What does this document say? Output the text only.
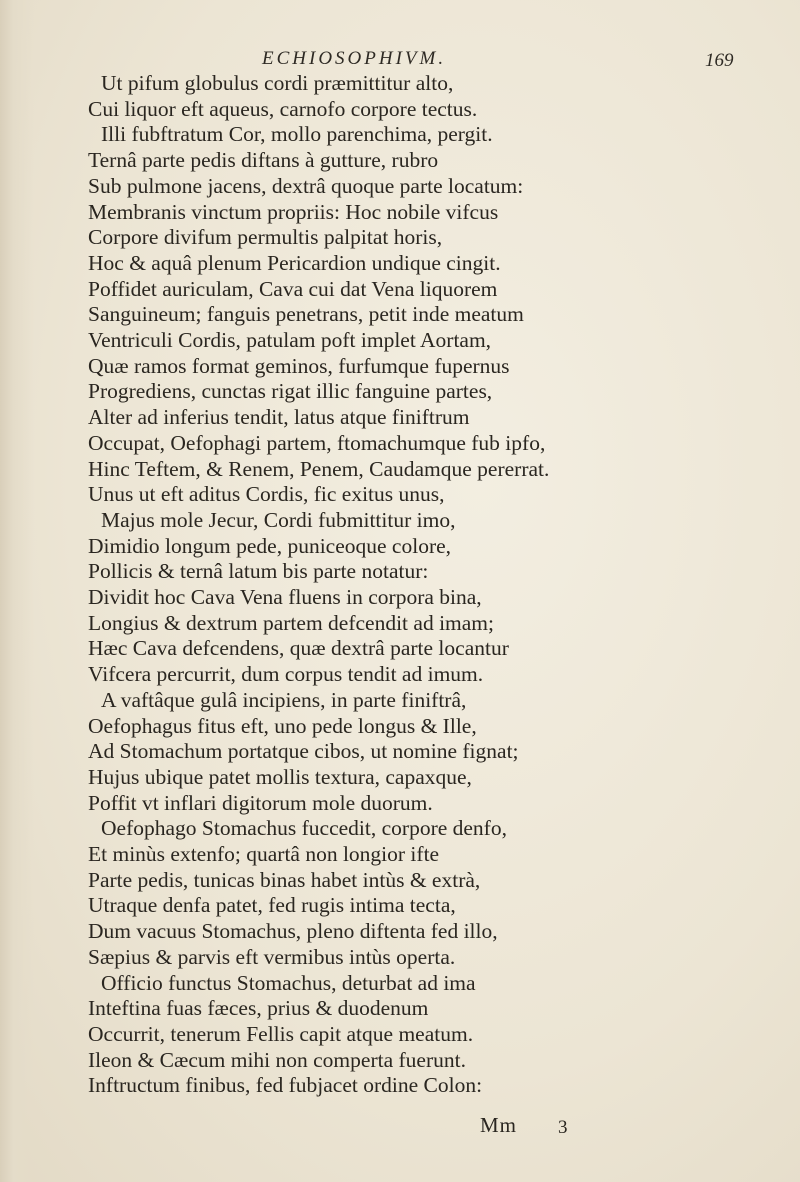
ECHIOSOPHIVM.	169
Ut pifum globulus cordi præmittitur alto,
Cui liquor eft aqueus, carnofo corpore tectus.
Illi fubftratum Cor, mollo parenchima, pergit.
Ternâ parte pedis diftans à gutture, rubro
Sub pulmone jacens, dextrâ quoque parte locatum:
Membranis vinctum propriis: Hoc nobile vifcus
Corpore divifum permultis palpitat horis,
Hoc & aquâ plenum Pericardion undique cingit.
Poffidet auriculam, Cava cui dat Vena liquorem
Sanguineum; fanguis penetrans, petit inde meatum
Ventriculi Cordis, patulam poft implet Aortam,
Quæ ramos format geminos, furfumque fupernus
Progrediens, cunctas rigat illic fanguine partes,
Alter ad inferius tendit, latus atque finiftrum
Occupat, Oefophagi partem, ftomachumque fub ipfo,
Hinc Teftem, & Renem, Penem, Caudamque pererrat.
Unus ut eft aditus Cordis, fic exitus unus,
Majus mole Jecur, Cordi fubmittitur imo,
Dimidio longum pede, puniceoque colore,
Pollicis & ternâ latum bis parte notatur:
Dividit hoc Cava Vena fluens in corpora bina,
Longius & dextrum partem defcendit ad imam;
Hæc Cava defcendens, quæ dextrâ parte locantur
Vifcera percurrit, dum corpus tendit ad imum.
A vaftâque gulâ incipiens, in parte finiftrâ,
Oefophagus fitus eft, uno pede longus & Ille,
Ad Stomachum portatque cibos, ut nomine fignat;
Hujus ubique patet mollis textura, capaxque,
Poffit vt inflari digitorum mole duorum.
Oefophago Stomachus fuccedit, corpore denfo,
Et minùs extenfo; quartâ non longior ifte
Parte pedis, tunicas binas habet intùs & extrà,
Utraque denfa patet, fed rugis intima tecta,
Dum vacuus Stomachus, pleno diftenta fed illo,
Sæpius & parvis eft vermibus intùs operta.
Officio functus Stomachus, deturbat ad ima
Inteftina fuas fæces, prius & duodenum
Occurrit, tenerum Fellis capit atque meatum.
Ileon & Cæcum mihi non comperta fuerunt.
Inftructum finibus, fed fubjacet ordine Colon:
Mm 3
